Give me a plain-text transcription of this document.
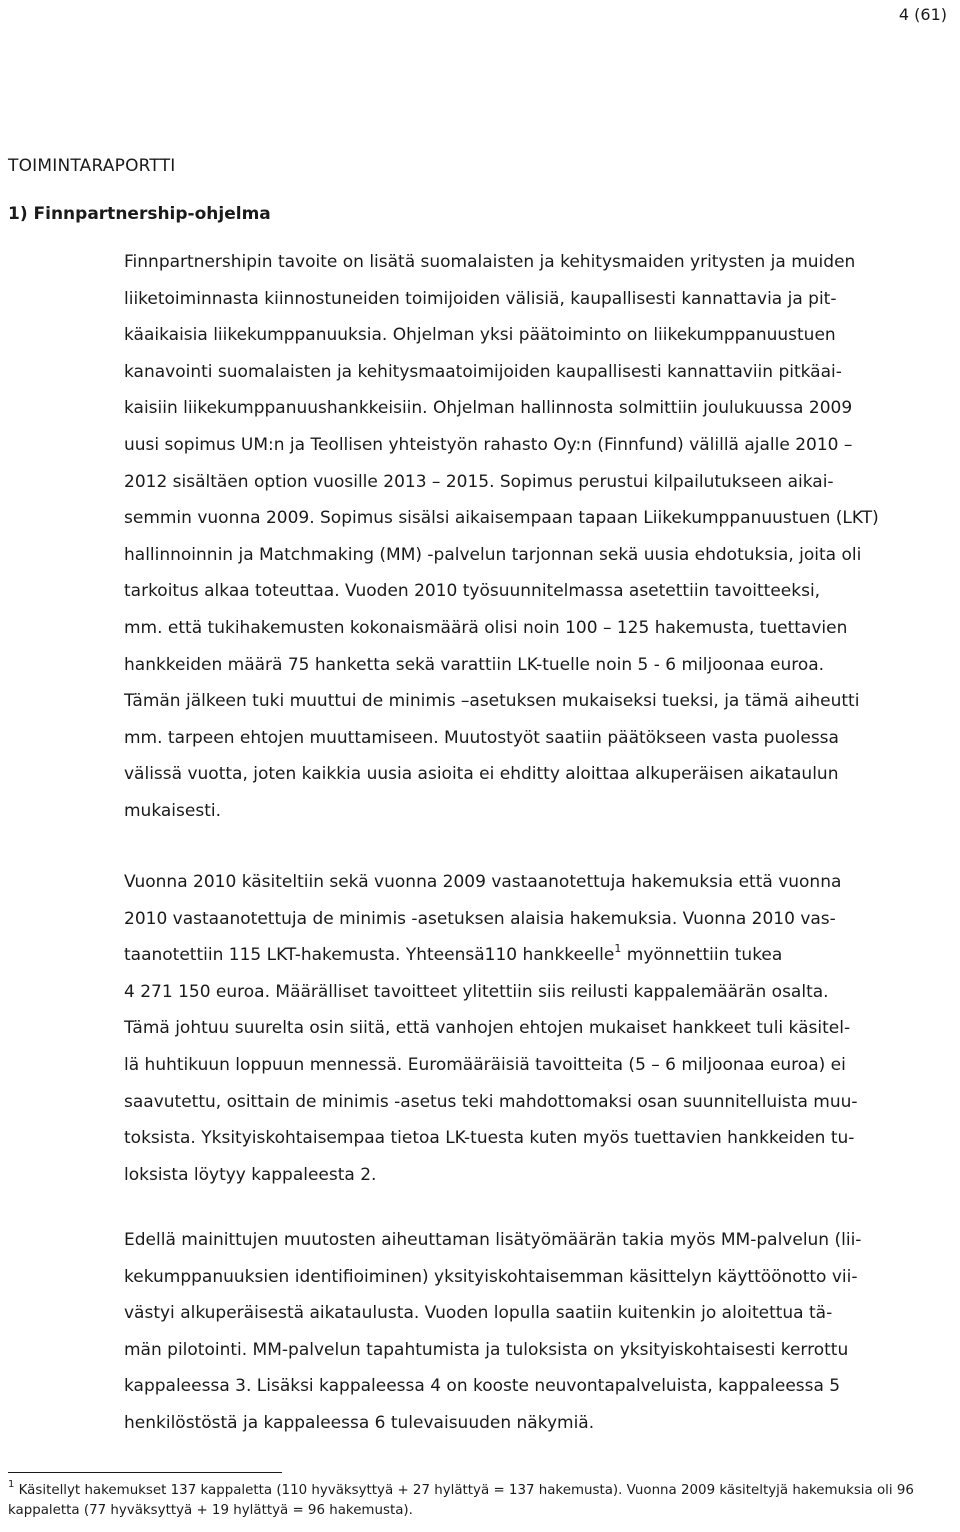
4 (61)
TOIMINTARAPORTTI
1) Finnpartnership-ohjelma
Finnpartnershipin tavoite on lisätä suomalaisten ja kehitysmaiden yritysten ja muiden
liiketoiminnasta kiinnostuneiden toimijoiden välisiä, kaupallisesti kannattavia ja pit-
käaikaisia liikekumppanuuksia. Ohjelman yksi päätoiminto on liikekumppanuustuen
kanavointi suomalaisten ja kehitysmaatoimijoiden kaupallisesti kannattaviin pitkäai-
kaisiin liikekumppanuushankkeisiin. Ohjelman hallinnosta solmittiin joulukuussa 2009
uusi sopimus UM:n ja Teollisen yhteistyön rahasto Oy:n (Finnfund) välillä ajalle 2010 –
2012 sisältäen option vuosille 2013 – 2015. Sopimus perustui kilpailutukseen aikai-
semmin vuonna 2009. Sopimus sisälsi aikaisempaan tapaan Liikekumppanuustuen (LKT)
hallinnoinnin ja Matchmaking (MM) -palvelun tarjonnan sekä uusia ehdotuksia, joita oli
tarkoitus alkaa toteuttaa. Vuoden 2010 työsuunnitelmassa asetettiin tavoitteeksi,
mm. että tukihakemusten kokonaismäärä olisi noin 100 – 125 hakemusta, tuettavien
hankkeiden määrä 75 hanketta sekä varattiin LK-tuelle noin 5 - 6 miljoonaa euroa.
Tämän jälkeen tuki muuttui de minimis –asetuksen mukaiseksi tueksi, ja tämä aiheutti
mm. tarpeen ehtojen muuttamiseen. Muutostyöt saatiin päätökseen vasta puolessa
välissä vuotta, joten kaikkia uusia asioita ei ehditty aloittaa alkuperäisen aikataulun
mukaisesti.
Vuonna 2010 käsiteltiin sekä vuonna 2009 vastaanotettuja hakemuksia että vuonna
2010 vastaanotettuja de minimis -asetuksen alaisia hakemuksia. Vuonna 2010 vas-
taanotettiin 115 LKT-hakemusta. Yhteensä110 hankkeelle$^1$ myönnettiin tukea
4 271 150 euroa. Määrälliset tavoitteet ylitettiin siis reilusti kappalemäärän osalta.
Tämä johtuu suurelta osin siitä, että vanhojen ehtojen mukaiset hankkeet tuli käsitel-
lä huhtikuun loppuun mennessä. Euromääräisiä tavoitteita (5 – 6 miljoonaa euroa) ei
saavutettu, osittain de minimis -asetus teki mahdottomaksi osan suunnitelluista muu-
toksista. Yksityiskohtaisempaa tietoa LK-tuesta kuten myös tuettavien hankkeiden tu-
loksista löytyy kappaleesta 2.
Edellä mainittujen muutosten aiheuttaman lisätyömäärän takia myös MM-palvelun (lii-
kekumppanuuksien identifioiminen) yksityiskohtaisemman käsittelyn käyttöönotto vii-
västyi alkuperäisestä aikataulusta. Vuoden lopulla saatiin kuitenkin jo aloitettua tä-
män pilotointi. MM-palvelun tapahtumista ja tuloksista on yksityiskohtaisesti kerrottu
kappaleessa 3. Lisäksi kappaleessa 4 on kooste neuvontapalveluista, kappaleessa 5
henkilöstöstä ja kappaleessa 6 tulevaisuuden näkymiä.
$^1$ Käsitellyt hakemukset 137 kappaletta (110 hyväksyttyä + 27 hylättyä = 137 hakemusta). Vuonna 2009 käsiteltyjä hakemuksia oli 96
kappaletta (77 hyväksyttyä + 19 hylättyä = 96 hakemusta).
